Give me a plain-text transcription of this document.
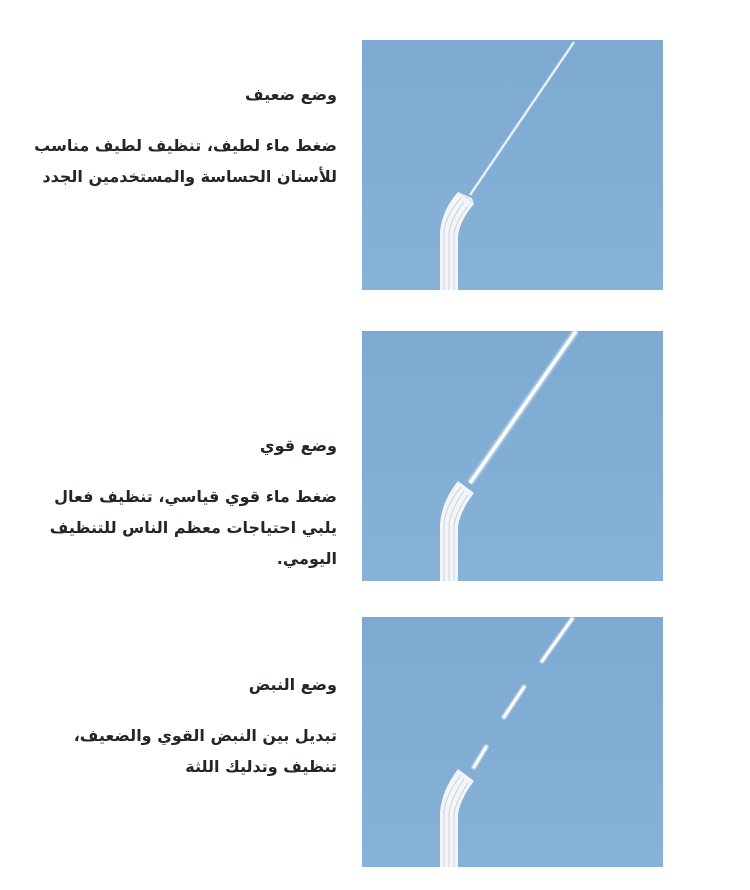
وضع ضعيف

ضغط ماء لطيف، تنظيف لطيف مناسب للأسنان الحساسة والمستخدمين الجدد

وضع قوي

ضغط ماء قوي قياسي، تنظيف فعال يلبي احتياجات معظم الناس للتنظيف اليومي.

وضع النبض

تبديل بين النبض القوي والضعيف، تنظيف وتدليك اللثة
